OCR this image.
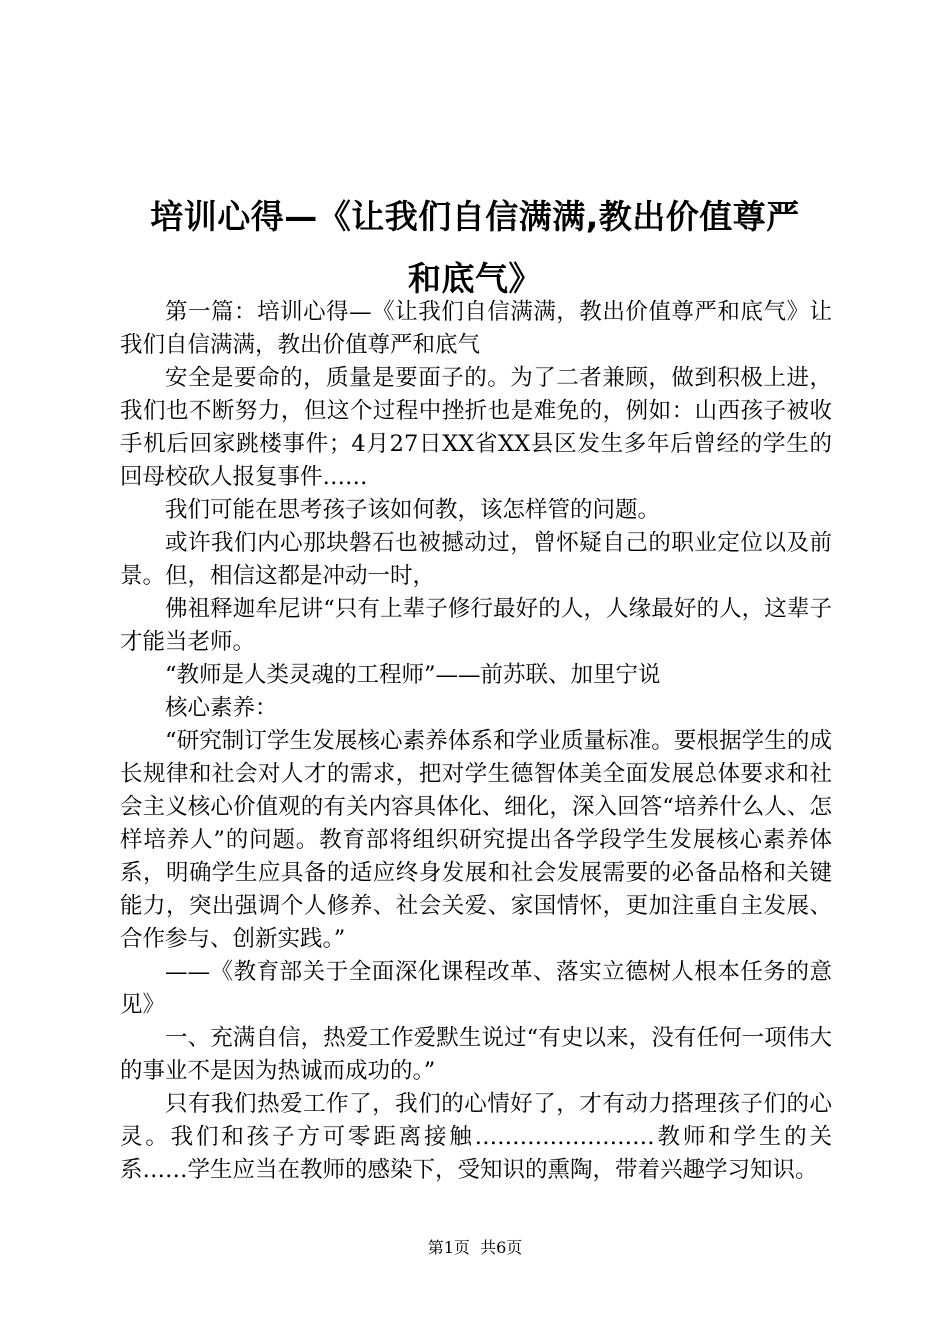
培训心得—《让我们自信满满,教出价值尊严
和底气》

第一篇：培训心得—《让我们自信满满，教出价值尊严和底气》让我们自信满满，教出价值尊严和底气

安全是要命的，质量是要面子的。为了二者兼顾，做到积极上进，我们也不断努力，但这个过程中挫折也是难免的，例如：山西孩子被收手机后回家跳楼事件；4月27日XX省XX县区发生多年后曾经的学生的回母校砍人报复事件……

我们可能在思考孩子该如何教，该怎样管的问题。

或许我们内心那块磐石也被撼动过，曾怀疑自己的职业定位以及前景。但，相信这都是冲动一时，

佛祖释迦牟尼讲“只有上辈子修行最好的人，人缘最好的人，这辈子才能当老师。

“教师是人类灵魂的工程师”——前苏联、加里宁说

核心素养：

“研究制订学生发展核心素养体系和学业质量标准。要根据学生的成长规律和社会对人才的需求，把对学生德智体美全面发展总体要求和社会主义核心价值观的有关内容具体化、细化，深入回答“培养什么人、怎样培养人”的问题。教育部将组织研究提出各学段学生发展核心素养体系，明确学生应具备的适应终身发展和社会发展需要的必备品格和关键能力，突出强调个人修养、社会关爱、家国情怀，更加注重自主发展、合作参与、创新实践。”

——《教育部关于全面深化课程改革、落实立德树人根本任务的意见》

一、充满自信，热爱工作爱默生说过“有史以来，没有任何一项伟大的事业不是因为热诚而成功的。”

只有我们热爱工作了，我们的心情好了，才有动力搭理孩子们的心灵。我们和孩子方可零距离接触……………………教师和学生的关系……学生应当在教师的感染下，受知识的熏陶，带着兴趣学习知识。

第1页  共6页
